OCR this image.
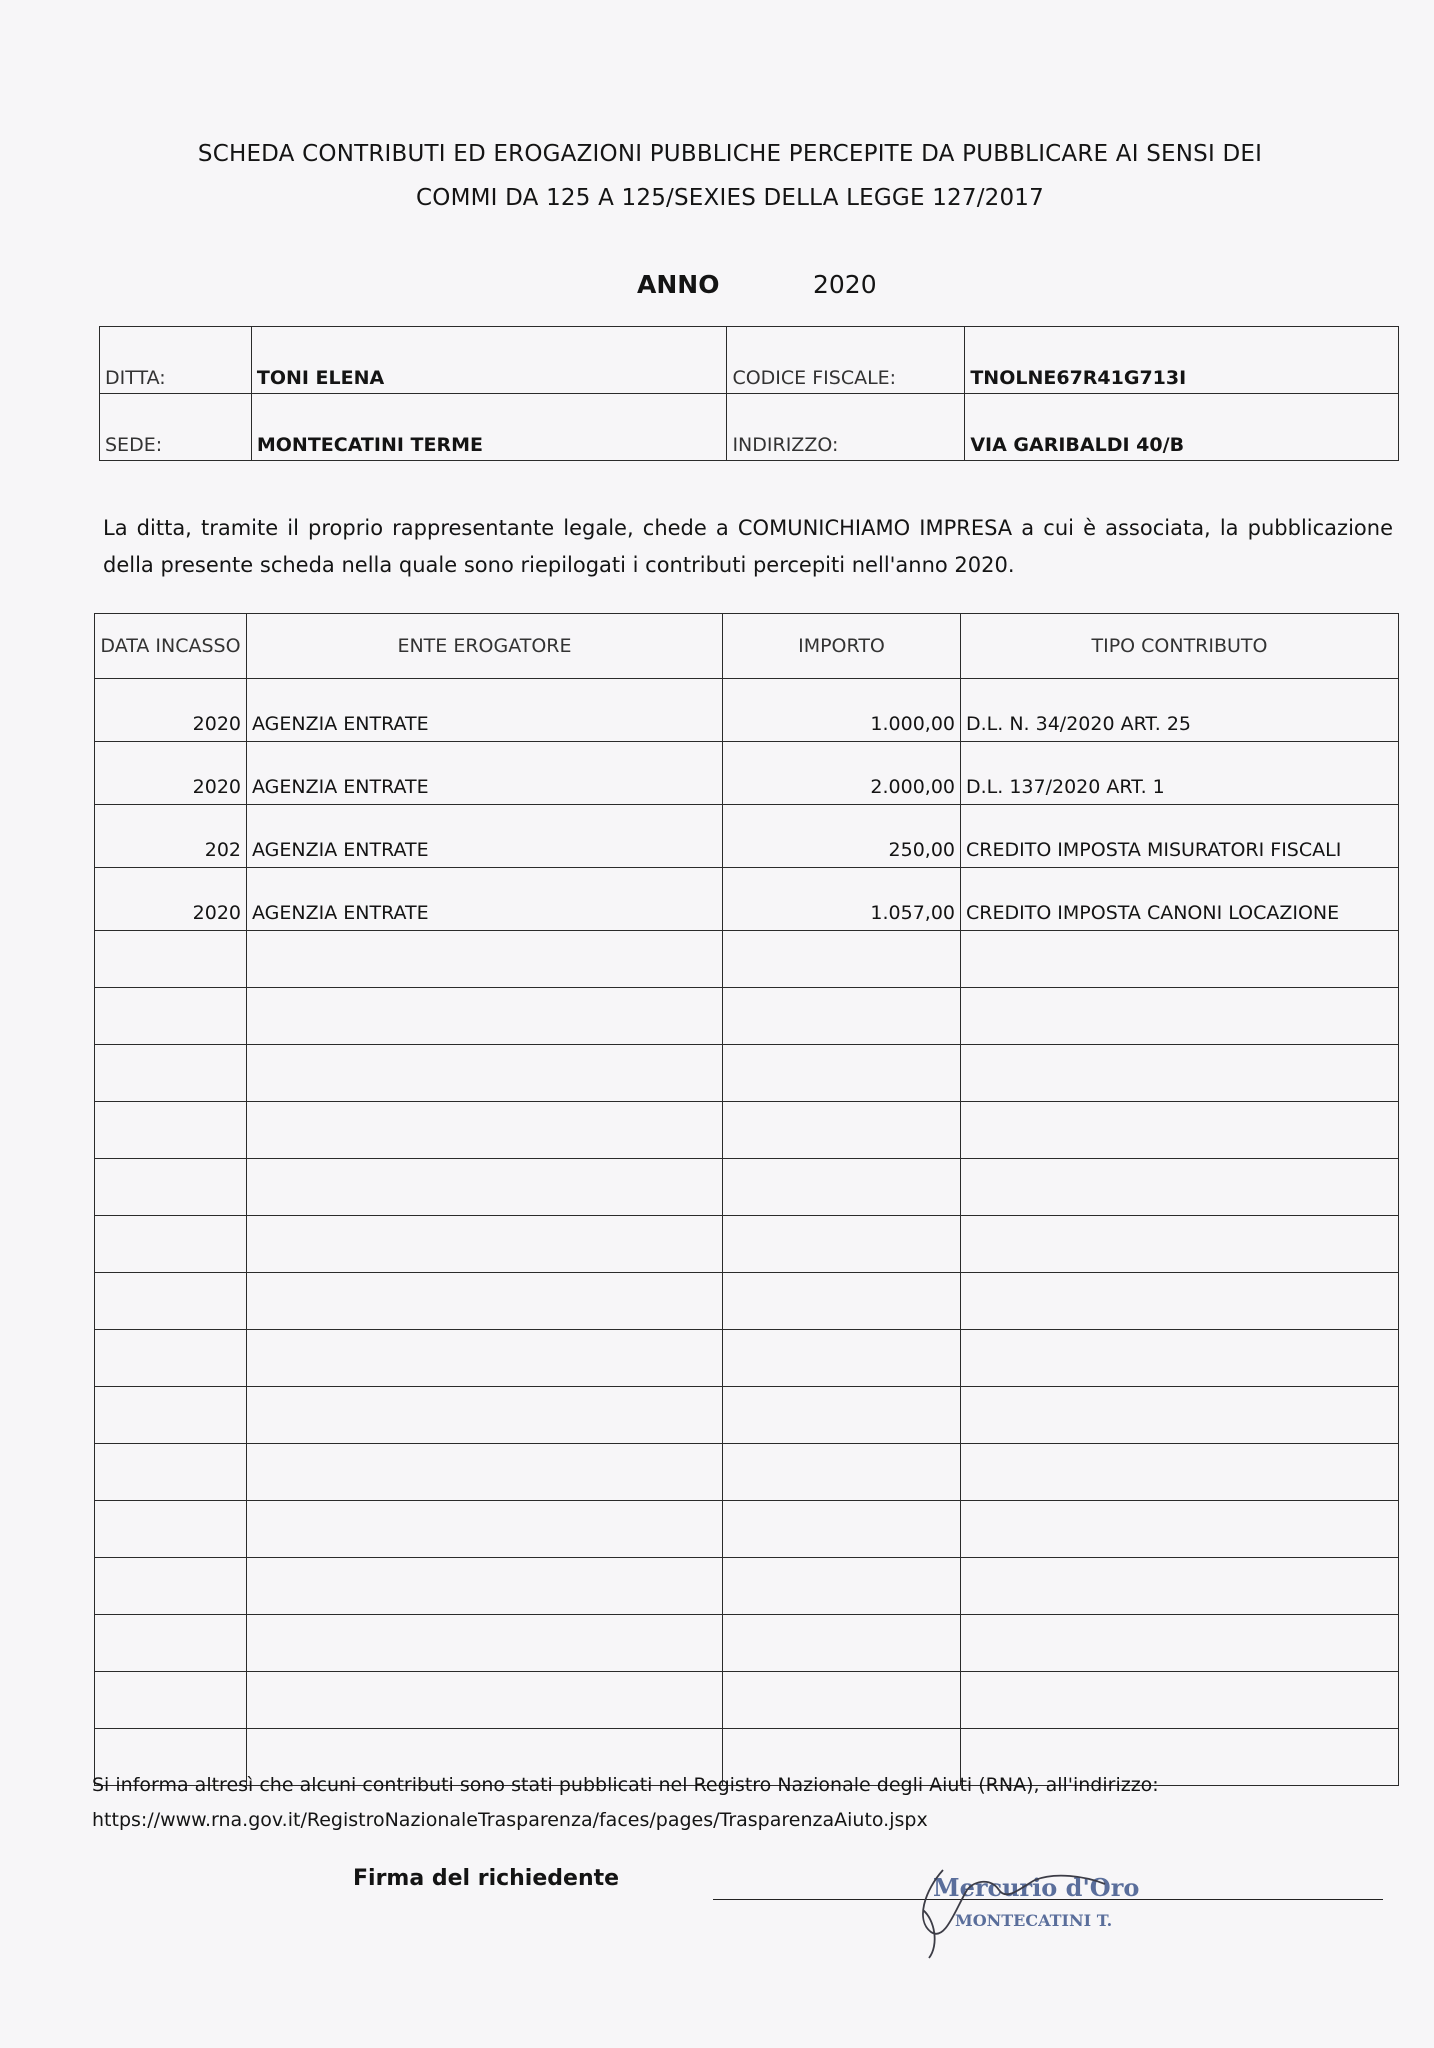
SCHEDA CONTRIBUTI ED EROGAZIONI PUBBLICHE PERCEPITE DA PUBBLICARE AI SENSI DEI
COMMI DA 125 A 125/SEXIES DELLA LEGGE 127/2017
ANNO	2020
DITTA:	TONI ELENA	CODICE FISCALE:	TNOLNE67R41G713I
SEDE:	MONTECATINI TERME	INDIRIZZO:	VIA GARIBALDI 40/B
La ditta, tramite il proprio rappresentante legale, chede a COMUNICHIAMO IMPRESA a cui è associata, la pubblicazione della presente scheda nella quale sono riepilogati i contributi percepiti nell'anno 2020.
DATA INCASSO	ENTE EROGATORE	IMPORTO	TIPO CONTRIBUTO
2020	AGENZIA ENTRATE	1.000,00	D.L. N. 34/2020 ART. 25
2020	AGENZIA ENTRATE	2.000,00	D.L. 137/2020 ART. 1
202	AGENZIA ENTRATE	250,00	CREDITO IMPOSTA MISURATORI FISCALI
2020	AGENZIA ENTRATE	1.057,00	CREDITO IMPOSTA CANONI LOCAZIONE

Si informa altresì che alcuni contributi sono stati pubblicati nel Registro Nazionale degli Aiuti (RNA), all'indirizzo:
https://www.rna.gov.it/RegistroNazionaleTrasparenza/faces/pages/TrasparenzaAiuto.jspx
Firma del richiedente	Mercurio d'Oro
MONTECATINI T.
